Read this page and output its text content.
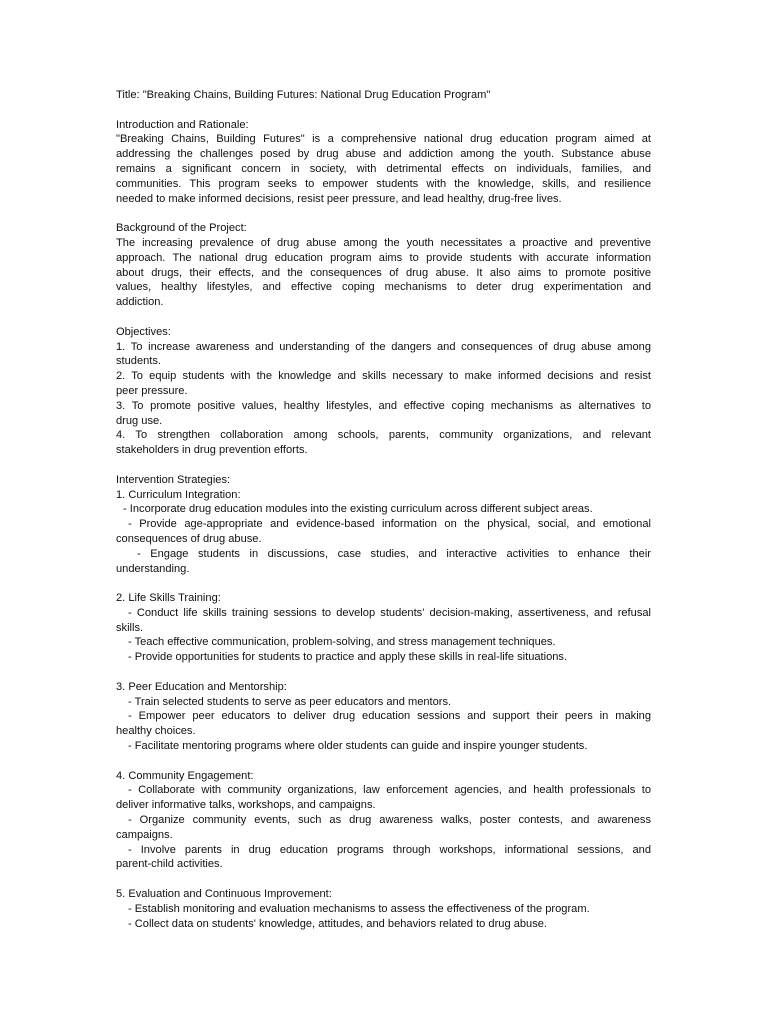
Title: "Breaking Chains, Building Futures: National Drug Education Program"
Introduction and Rationale:
"Breaking Chains, Building Futures" is a comprehensive national drug education program aimed at
addressing the challenges posed by drug abuse and addiction among the youth. Substance abuse
remains a significant concern in society, with detrimental effects on individuals, families, and
communities. This program seeks to empower students with the knowledge, skills, and resilience
needed to make informed decisions, resist peer pressure, and lead healthy, drug-free lives.
Background of the Project:
The increasing prevalence of drug abuse among the youth necessitates a proactive and preventive
approach. The national drug education program aims to provide students with accurate information
about drugs, their effects, and the consequences of drug abuse. It also aims to promote positive
values, healthy lifestyles, and effective coping mechanisms to deter drug experimentation and
addiction.
Objectives:
1. To increase awareness and understanding of the dangers and consequences of drug abuse among
students.
2. To equip students with the knowledge and skills necessary to make informed decisions and resist
peer pressure.
3. To promote positive values, healthy lifestyles, and effective coping mechanisms as alternatives to
drug use.
4. To strengthen collaboration among schools, parents, community organizations, and relevant
stakeholders in drug prevention efforts.
Intervention Strategies:
1. Curriculum Integration:
- Incorporate drug education modules into the existing curriculum across different subject areas.
- Provide age-appropriate and evidence-based information on the physical, social, and emotional
consequences of drug abuse.
- Engage students in discussions, case studies, and interactive activities to enhance their
understanding.
2. Life Skills Training:
- Conduct life skills training sessions to develop students' decision-making, assertiveness, and refusal
skills.
- Teach effective communication, problem-solving, and stress management techniques.
- Provide opportunities for students to practice and apply these skills in real-life situations.
3. Peer Education and Mentorship:
- Train selected students to serve as peer educators and mentors.
- Empower peer educators to deliver drug education sessions and support their peers in making
healthy choices.
- Facilitate mentoring programs where older students can guide and inspire younger students.
4. Community Engagement:
- Collaborate with community organizations, law enforcement agencies, and health professionals to
deliver informative talks, workshops, and campaigns.
- Organize community events, such as drug awareness walks, poster contests, and awareness
campaigns.
- Involve parents in drug education programs through workshops, informational sessions, and
parent-child activities.
5. Evaluation and Continuous Improvement:
- Establish monitoring and evaluation mechanisms to assess the effectiveness of the program.
- Collect data on students' knowledge, attitudes, and behaviors related to drug abuse.
